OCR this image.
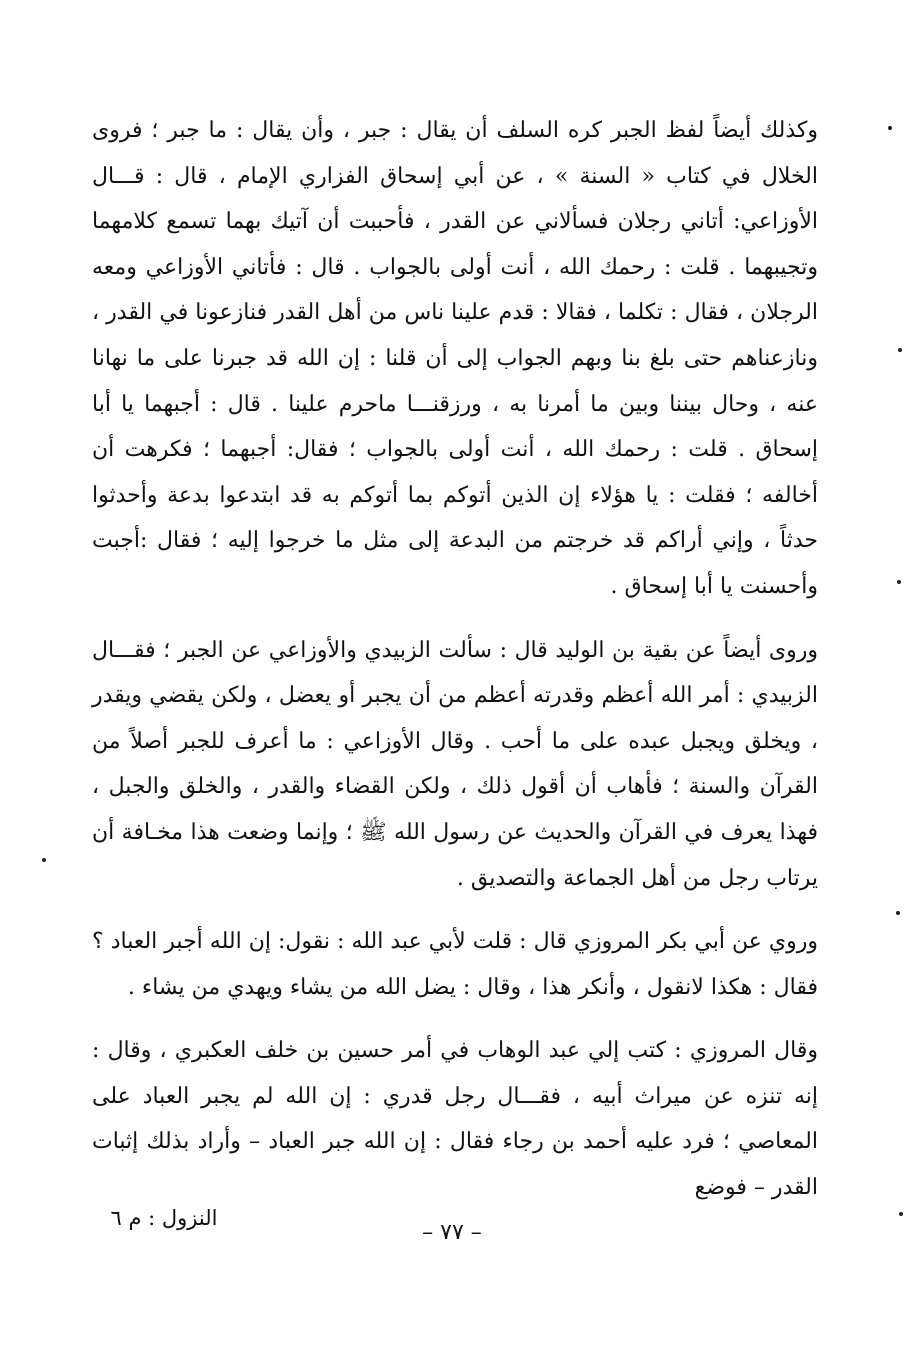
وكذلك أيضاً لفظ الجبر كره السلف أن يقال : جبر ، وأن يقال : ما جبر ؛ فروى الخلال في كتاب « السنة » ، عن أبي إسحاق الفزاري الإمام ، قال : قـــال الأوزاعي: أتاني رجلان فسألاني عن القدر ، فأحببت أن آتيك بهما تسمع كلامهما وتجيبهما . قلت : رحمك الله ، أنت أولى بالجواب . قال : فأتاني الأوزاعي ومعه الرجلان ، فقال : تكلما ، فقالا : قدم علينا ناس من أهل القدر فنازعونا في القدر ، ونازعناهم حتى بلغ بنا وبهم الجواب إلى أن قلنا : إن الله قد جبرنا على ما نهانا عنه ، وحال بيننا وبين ما أمرنا به ، ورزقنـــا ماحرم علينا . قال : أجبهما يا أبا إسحاق . قلت : رحمك الله ، أنت أولى بالجواب ؛ فقال: أجبهما ؛ فكرهت أن أخالفه ؛ فقلت : يا هؤلاء إن الذين أتوكم بما أتوكم به قد ابتدعوا بدعة وأحدثوا حدثاً ، وإني أراكم قد خرجتم من البدعة إلى مثل ما خرجوا إليه ؛ فقال :أجبت وأحسنت يا أبا إسحاق .

وروى أيضاً عن بقية بن الوليد قال : سألت الزبيدي والأوزاعي عن الجبر ؛ فقـــال الزبيدي : أمر الله أعظم وقدرته أعظم من أن يجبر أو يعضل ، ولكن يقضي ويقدر ، ويخلق ويجبل عبده على ما أحب . وقال الأوزاعي : ما أعرف للجبر أصلاً من القرآن والسنة ؛ فأهاب أن أقول ذلك ، ولكن القضاء والقدر ، والخلق والجبل ، فهذا يعرف في القرآن والحديث عن رسول الله ﷺ ؛ وإنما وضعت هذا مخـافة أن يرتاب رجل من أهل الجماعة والتصديق .

وروي عن أبي بكر المروزي قال : قلت لأبي عبد الله : نقول: إن الله أجبر العباد ؟ فقال : هكذا لانقول ، وأنكر هذا ، وقال : يضل الله من يشاء ويهدي من يشاء .

وقال المروزي : كتب إلي عبد الوهاب في أمر حسين بن خلف العكبري ، وقال : إنه تنزه عن ميراث أبيه ، فقـــال رجل قدري : إن الله لم يجبر العباد على المعاصي ؛ فرد عليه أحمد بن رجاء فقال : إن الله جبر العباد – وأراد بذلك إثبات القدر – فوضع

النزول : م ٦
– ٧٧ –
